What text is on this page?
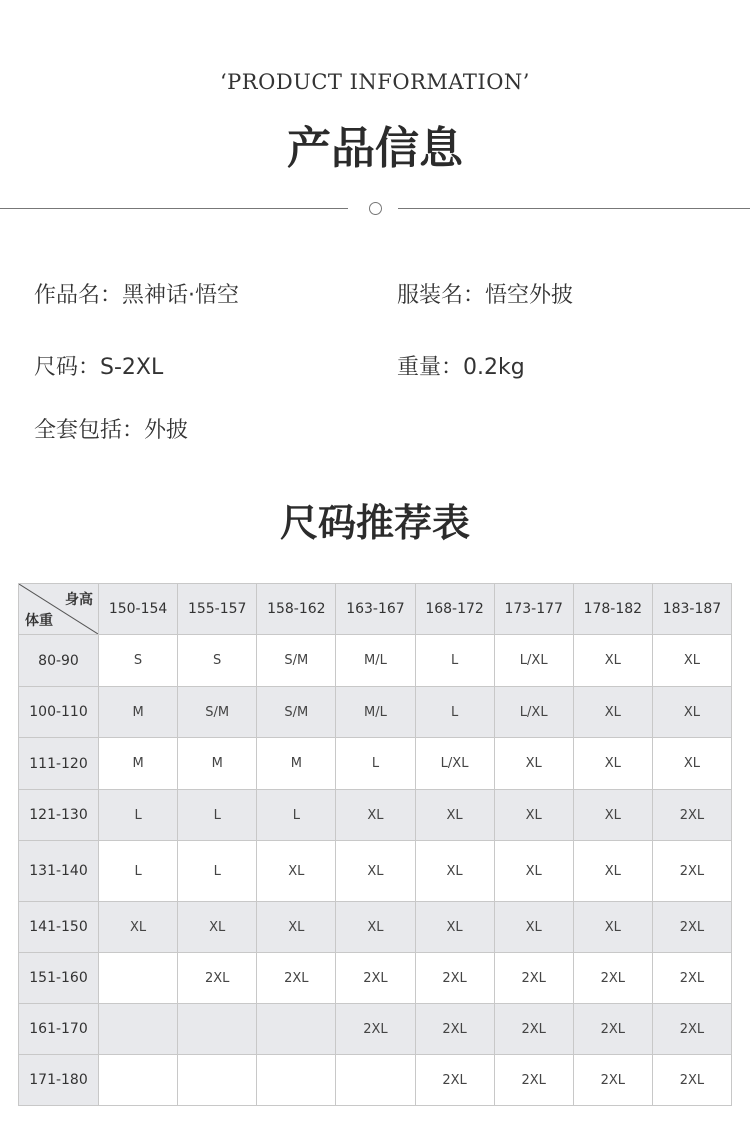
‘PRODUCT INFORMATION’
产品信息
作品名：黑神话·悟空	服装名：悟空外披
尺码：S-2XL	重量：0.2kg
全套包括：外披
尺码推荐表
身高
体重	150-154	155-157	158-162	163-167	168-172	173-177	178-182	183-187
80-90	S	S	S/M	M/L	L	L/XL	XL	XL
100-110	M	S/M	S/M	M/L	L	L/XL	XL	XL
111-120	M	M	M	L	L/XL	XL	XL	XL
121-130	L	L	L	XL	XL	XL	XL	2XL
131-140	L	L	XL	XL	XL	XL	XL	2XL
141-150	XL	XL	XL	XL	XL	XL	XL	2XL
151-160		2XL	2XL	2XL	2XL	2XL	2XL	2XL
161-170				2XL	2XL	2XL	2XL	2XL
171-180					2XL	2XL	2XL	2XL
